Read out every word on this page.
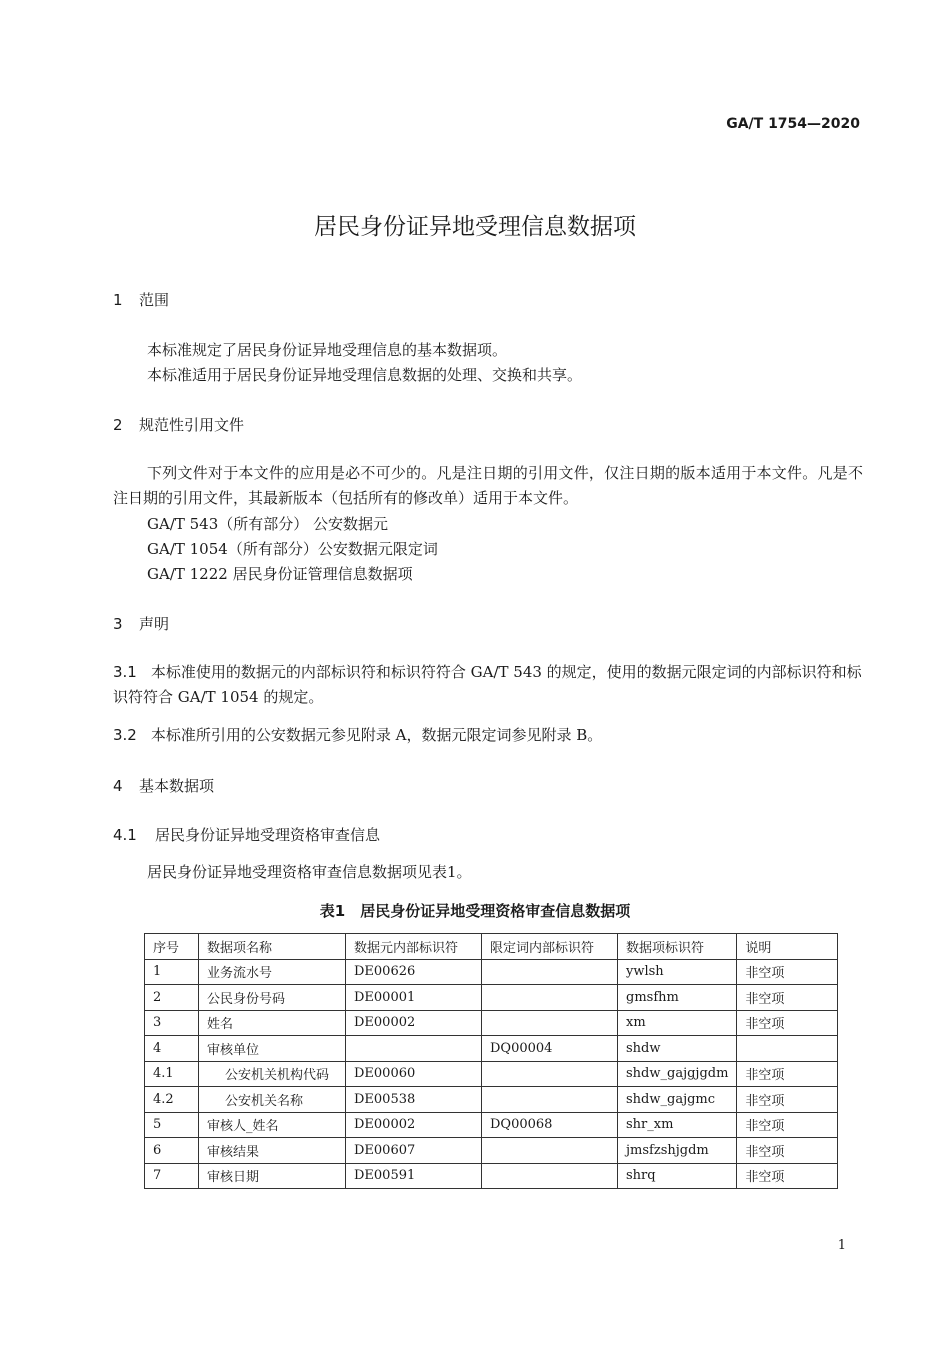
GA/T 1754—2020
居民身份证异地受理信息数据项
1 范围
本标准规定了居民身份证异地受理信息的基本数据项。
本标准适用于居民身份证异地受理信息数据的处理、交换和共享。
2 规范性引用文件
下列文件对于本文件的应用是必不可少的。凡是注日期的引用文件，仅注日期的版本适用于本文件。凡是不注日期的引用文件，其最新版本（包括所有的修改单）适用于本文件。
GA/T 543（所有部分） 公安数据元
GA/T 1054（所有部分）公安数据元限定词
GA/T 1222 居民身份证管理信息数据项
3 声明
3.1 本标准使用的数据元的内部标识符和标识符符合 GA/T 543 的规定，使用的数据元限定词的内部标识符和标识符符合 GA/T 1054 的规定。
3.2 本标准所引用的公安数据元参见附录 A，数据元限定词参见附录 B。
4 基本数据项
4.1 居民身份证异地受理资格审查信息
居民身份证异地受理资格审查信息数据项见表1。
表1　居民身份证异地受理资格审查信息数据项
序号	数据项名称	数据元内部标识符	限定词内部标识符	数据项标识符	说明
1	业务流水号	DE00626		ywlsh	非空项
2	公民身份号码	DE00001		gmsfhm	非空项
3	姓名	DE00002		xm	非空项
4	审核单位		DQ00004	shdw	
4.1	公安机关机构代码	DE00060		shdw_gajgjgdm	非空项
4.2	公安机关名称	DE00538		shdw_gajgmc	非空项
5	审核人_姓名	DE00002	DQ00068	shr_xm	非空项
6	审核结果	DE00607		jmsfzshjgdm	非空项
7	审核日期	DE00591		shrq	非空项
1
